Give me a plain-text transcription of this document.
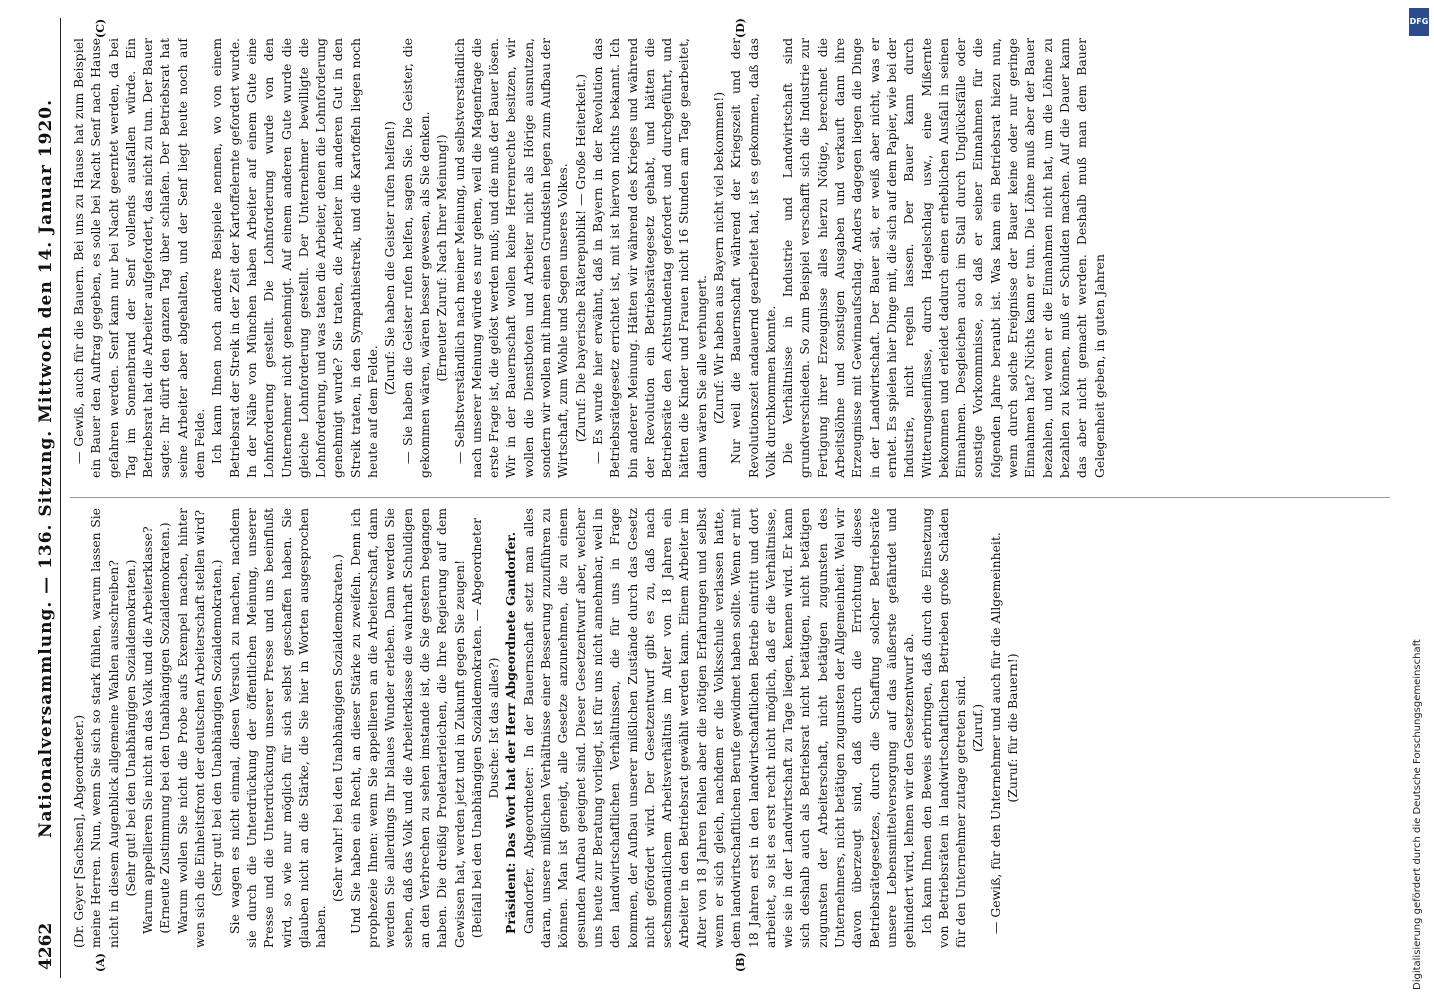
4262
Nationalversammlung. — 136. Sitzung. Mittwoch den 14. Januar 1920.
(A)	(B)
(C)	(D)

(Dr. Geyer [Sachsen], Abgeordneter.) meine Herren. Nun, wenn Sie sich so stark fühlen, warum lassen Sie nicht in diesem Augenblick allgemeine Wahlen ausschreiben? (Sehr gut! bei den Unabhängigen Sozialdemokraten.) Warum appellieren Sie nicht an das Volk und die Arbeiterklasse? (Erneute Zustimmung bei den Unabhängigen Sozialdemokraten.) Warum wollen Sie nicht die Probe aufs Exempel machen, hinter wen sich die Einheitsfront der deutschen Arbeiterschaft stellen wird? (Sehr gut! bei den Unabhängigen Sozialdemokraten.) Sie wagen es nicht einmal, diesen Versuch zu machen, nachdem sie durch die Unterdrückung der öffentlichen Meinung, unserer Presse und die Unterdrückung unserer Presse und uns beeinflußt wird, so wie nur möglich für sich selbst geschaffen haben. Sie glauben nicht an die Stärke, die Sie hier in Worten ausgesprochen haben.

(Sehr wahr! bei den Unabhängigen Sozialdemokraten.) Und Sie haben ein Recht, an dieser Stärke zu zweifeln. Denn ich prophezeie Ihnen: wenn Sie appellieren an die Arbeiterschaft, dann werden Sie allerdings Ihr blaues Wunder erleben. Dann werden Sie sehen, daß das Volk und die Arbeiterklasse die wahrhaft Schuldigen an den Verbrechen zu sehen imstande ist, die Sie gestern begangen haben. Die dreißig Proletarierleichen, die Ihre Regierung auf dem Gewissen hat, werden jetzt und in Zukunft gegen Sie zeugen! (Beifall bei den Unabhängigen Sozialdemokraten. — Abgeordneter Dusche: Ist das alles?) Präsident: Das Wort hat der Herr Abgeordnete Gandorfer. Gandorfer, Abgeordneter: In der Bauernschaft setzt man alles daran, unsere mißlichen Verhältnisse einer Besserung zuzuführen zu können. Man ist geneigt, alle Gesetze anzunehmen, die zu einem gesunden Aufbau geeignet sind. Dieser Gesetzentwurf aber, welcher uns heute zur Beratung vorliegt, ist für uns nicht annehmbar, weil in den landwirtschaftlichen Verhältnissen, die für uns in Frage kommen, der Aufbau unserer mißlichen Zustände durch das Gesetz nicht gefördert wird. Der Gesetzentwurf gibt es zu, daß nach sechsmonatlichem Arbeitsverhältnis im Alter von 18 Jahren ein Arbeiter in den Betriebsrat gewählt werden kann. Einem Arbeiter im Alter von 18 Jahren fehlen aber die nötigen Erfahrungen und selbst wenn er sich gleich, nachdem er die Volksschule verlassen hatte, dem landwirtschaftlichen Berufe gewidmet haben sollte. Wenn er mit 18 Jahren erst in den landwirtschaftlichen Betrieb eintritt und dort arbeitet, so ist es erst recht nicht möglich, daß er die Verhältnisse, wie sie in der Landwirtschaft zu Tage liegen, kennen wird. Er kann sich deshalb auch als Betriebsrat nicht betätigen, nicht betätigen zugunsten der Arbeiterschaft, nicht betätigen zugunsten des Unternehmers, nicht betätigen zugunsten der Allgemeinheit. Weil wir davon überzeugt sind, daß durch die Errichtung dieses Betriebsrätegesetzes, durch die Schaffung solcher Betriebsräte unsere Lebensmittelversorgung auf das äußerste gefährdet und gehindert wird, lehnen wir den Gesetzentwurf ab. Ich kann Ihnen den Beweis erbringen, daß durch die Einsetzung von Betriebsräten in landwirtschaftlichen Betrieben große Schäden für den Unternehmer zutage getreten sind. (Zuruf.) — Gewiß, für den Unternehmer und auch für die Allgemeinheit. (Zuruf: für die Bauern!)

— Gewiß, auch für die Bauern. Bei uns zu Hause hat zum Beispiel ein Bauer den Auftrag gegeben, es solle bei Nacht Senf nach Hause gefahren werden. Senf kann nur bei Nacht geerntet werden, da bei Tag im Sonnenbrand der Senf vollends ausfallen würde. Ein Betriebsrat hat die Arbeiter aufgefordert, das nicht zu tun. Der Bauer sagte: Ihr dürft den ganzen Tag über schlafen. Der Betriebsrat hat seine Arbeiter aber abgehalten, und der Senf liegt heute noch auf dem Felde. Ich kann Ihnen noch andere Beispiele nennen, wo von einem Betriebsrat der Streik in der Zeit der Kartoffelernte gefordert wurde. In der Nähe von München haben Arbeiter auf einem Gute eine Lohnforderung gestellt. Die Lohnforderung wurde von den Unternehmer nicht genehmigt. Auf einem anderen Gute wurde die gleiche Lohnforderung gestellt. Der Unternehmer bewilligte die Lohnforderung, und was taten die Arbeiter, denen die Lohnforderung genehmigt wurde? Sie traten, die Arbeiter im anderen Gut in den Streik traten, in den Sympathiestreik, und die Kartoffeln liegen noch heute auf dem Felde.

(Zuruf: Sie haben die Geister rufen helfen!) — Sie haben die Geister rufen helfen, sagen Sie. Die Geister, die gekommen wären, wären besser gewesen, als Sie denken. (Erneuter Zuruf: Nach Ihrer Meinung!) — Selbstverständlich nach meiner Meinung, und selbstverständlich nach unserer Meinung würde es nur gehen, weil die Magenfrage die erste Frage ist, die gelöst werden muß; und die muß der Bauer lösen. Wir in der Bauernschaft wollen keine Herrenrechte besitzen, wir wollen die Dienstboten und Arbeiter nicht als Hörige ausnutzen, sondern wir wollen mit ihnen einen Grundstein legen zum Aufbau der Wirtschaft, zum Wohle und Segen unseres Volkes. (Zuruf: Die bayerische Räterepublik! — Große Heiterkeit.) — Es wurde hier erwähnt, daß in Bayern in der Revolution das Betriebsrätegesetz errichtet ist, mit ist hiervon nichts bekannt. Ich bin anderer Meinung. Hätten wir während des Krieges und während der Revolution ein Betriebsrätegesetz gehabt, und hätten die Betriebsräte den Achtstundentag gefordert und durchgeführt, und hätten die Kinder und Frauen nicht 16 Stunden am Tage gearbeitet, dann wären Sie alle verhungert. (Zuruf: Wir haben aus Bayern nicht viel bekommen!) Nur weil die Bauernschaft während der Kriegszeit und der Revolutionszeit andauernd gearbeitet hat, ist es gekommen, daß das Volk durchkommen konnte. Die Verhältnisse in Industrie und Landwirtschaft sind grundverschieden. So zum Beispiel verschafft sich die Industrie zur Fertigung ihrer Erzeugnisse alles hierzu Nötige, berechnet die Arbeitslöhne und sonstigen Ausgaben und verkauft dann ihre Erzeugnisse mit Gewinnaufschlag. Anders dagegen liegen die Dinge in der Landwirtschaft. Der Bauer sät, er weiß aber nicht, was er erntet. Es spielen hier Dinge mit, die sich auf dem Papier, wie bei der Industrie, nicht regeln lassen. Der Bauer kann durch Witterungseinflüsse, durch Hagelschlag usw., eine Mißernte bekommen und erleidet dadurch einen erheblichen Ausfall in seinen Einnahmen. Desgleichen auch im Stall durch Unglücksfälle oder sonstige Vorkommnisse, so daß er seiner Einnahmen für die folgenden Jahre beraubt ist. Was kann ein Betriebsrat hiezu nun, wenn durch solche Ereignisse der Bauer keine oder nur geringe Einnahmen hat? Nichts kann er tun. Die Löhne muß aber der Bauer bezahlen, und wenn er die Einnahmen nicht hat, um die Löhne zu bezahlen zu können, muß er Schulden machen. Auf die Dauer kann das aber nicht gemacht werden. Deshalb muß man dem Bauer Gelegenheit geben, in guten Jahren

Digitalisierung gefördert durch die Deutsche Forschungsgemeinschaft
DFG
